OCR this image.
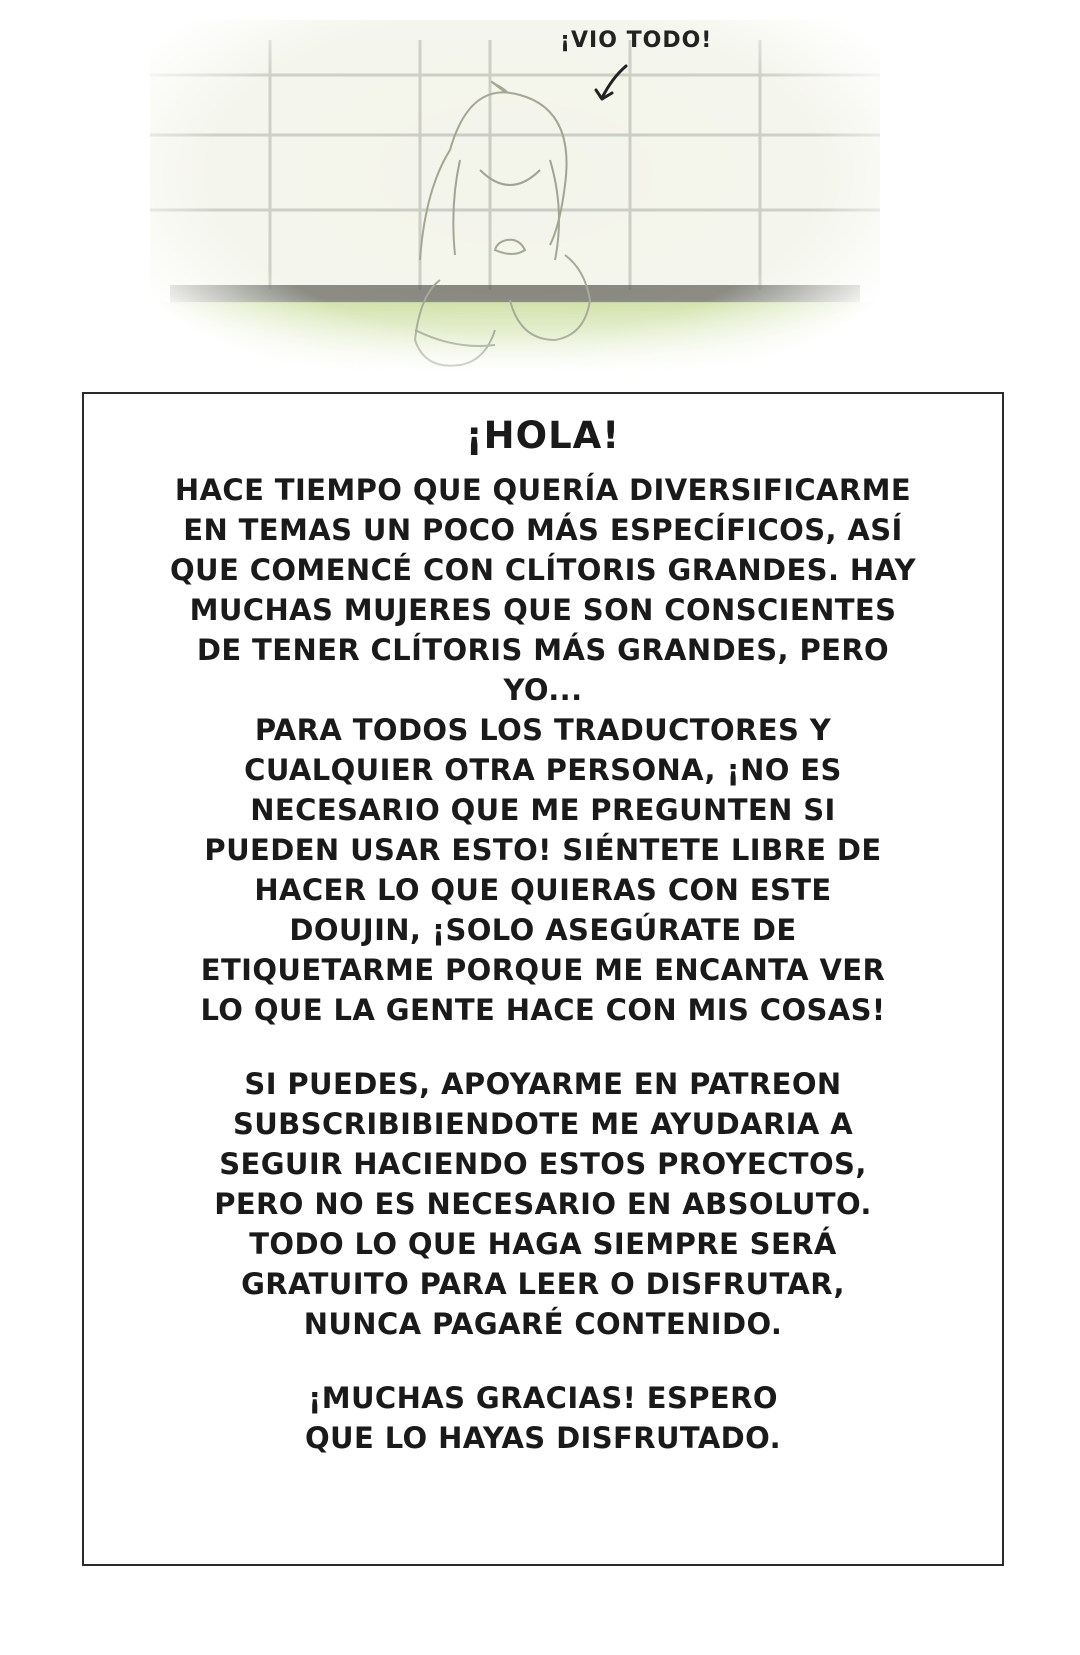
¡VIO TODO!
¡HOLA!
HACE TIEMPO QUE QUERÍA DIVERSIFICARME
EN TEMAS UN POCO MÁS ESPECÍFICOS, ASÍ
QUE COMENCÉ CON CLÍTORIS GRANDES. HAY
MUCHAS MUJERES QUE SON CONSCIENTES
DE TENER CLÍTORIS MÁS GRANDES, PERO
YO...
PARA TODOS LOS TRADUCTORES Y
CUALQUIER OTRA PERSONA, ¡NO ES
NECESARIO QUE ME PREGUNTEN SI
PUEDEN USAR ESTO! SIÉNTETE LIBRE DE
HACER LO QUE QUIERAS CON ESTE
DOUJIN, ¡SOLO ASEGÚRATE DE
ETIQUETARME PORQUE ME ENCANTA VER
LO QUE LA GENTE HACE CON MIS COSAS!
SI PUEDES, APOYARME EN PATREON
SUBSCRIBIBIENDOTE ME AYUDARIA A
SEGUIR HACIENDO ESTOS PROYECTOS,
PERO NO ES NECESARIO EN ABSOLUTO.
TODO LO QUE HAGA SIEMPRE SERÁ
GRATUITO PARA LEER O DISFRUTAR,
NUNCA PAGARÉ CONTENIDO.
¡MUCHAS GRACIAS! ESPERO
QUE LO HAYAS DISFRUTADO.
